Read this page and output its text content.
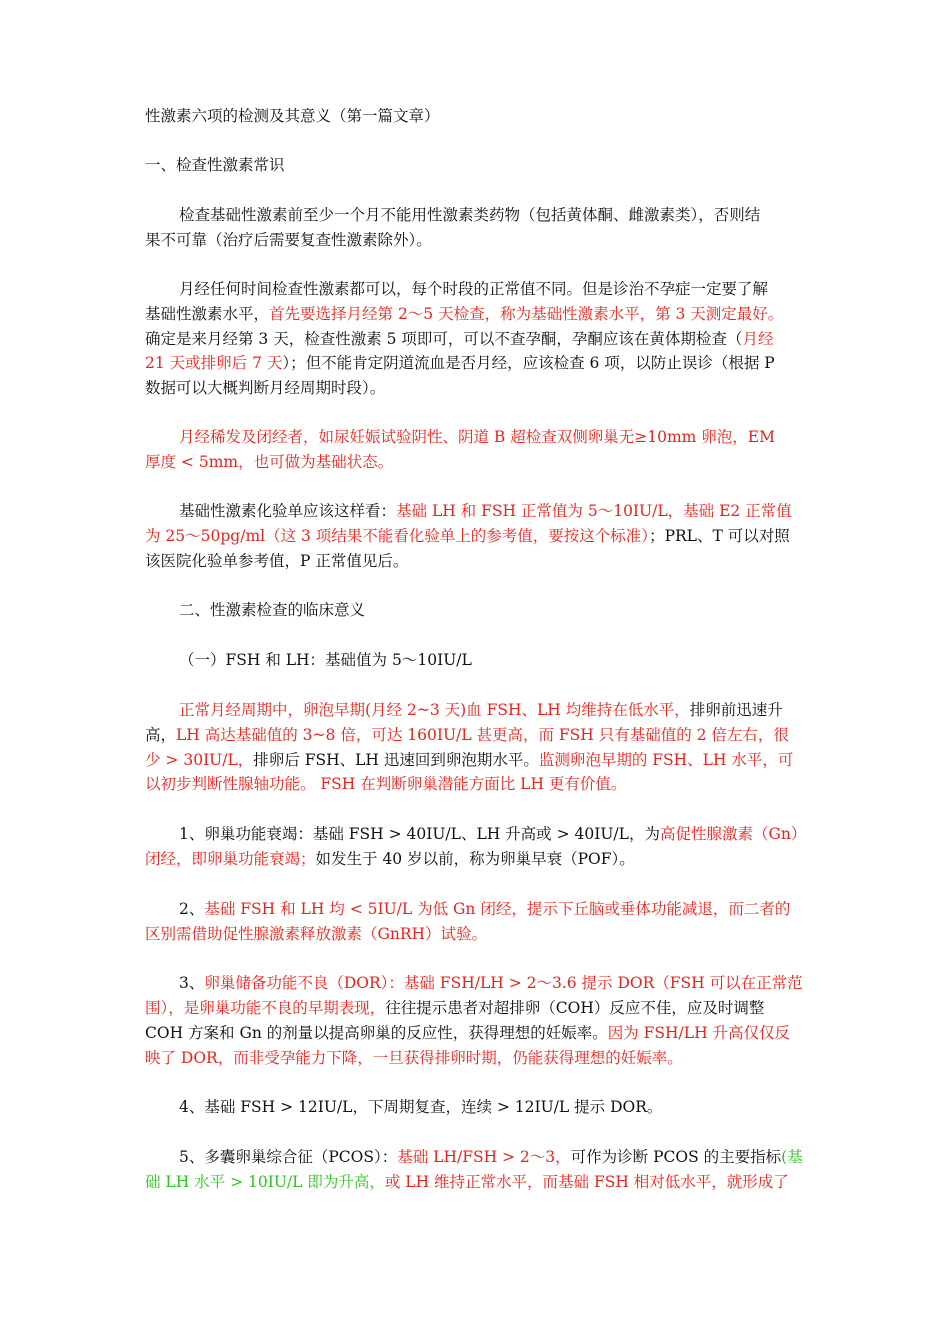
性激素六项的检测及其意义（第一篇文章）
一、检查性激素常识
检查基础性激素前至少一个月不能用性激素类药物（包括黄体酮、雌激素类），否则结
果不可靠（治疗后需要复查性激素除外）。
月经任何时间检查性激素都可以，每个时段的正常值不同。但是诊治不孕症一定要了解
基础性激素水平，首先要选择月经第 2～5 天检查，称为基础性激素水平，第 3 天测定最好。
确定是来月经第 3 天，检查性激素 5 项即可，可以不查孕酮，孕酮应该在黄体期检查（月经
21 天或排卵后 7 天）；但不能肯定阴道流血是否月经，应该检查 6 项，以防止误诊（根据 P
数据可以大概判断月经周期时段）。
月经稀发及闭经者，如尿妊娠试验阴性、阴道 B 超检查双侧卵巢无≥10mm 卵泡，EM
厚度 < 5mm，也可做为基础状态。
基础性激素化验单应该这样看：基础 LH 和 FSH 正常值为 5～10IU/L，基础 E2 正常值
为 25～50pg/ml（这 3 项结果不能看化验单上的参考值，要按这个标准）；PRL、T 可以对照
该医院化验单参考值，P 正常值见后。
二、性激素检查的临床意义
（一）FSH 和 LH：基础值为 5～10IU/L
正常月经周期中，卵泡早期(月经 2~3 天)血 FSH、LH 均维持在低水平，排卵前迅速升
高，LH 高达基础值的 3~8 倍，可达 160IU/L 甚更高，而 FSH 只有基础值的 2 倍左右，很
少 > 30IU/L，排卵后 FSH、LH 迅速回到卵泡期水平。监测卵泡早期的 FSH、LH 水平，可
以初步判断性腺轴功能。 FSH 在判断卵巢潜能方面比 LH 更有价值。
1、卵巢功能衰竭：基础 FSH > 40IU/L、LH 升高或 > 40IU/L，为高促性腺激素（Gn）
闭经，即卵巢功能衰竭；如发生于 40 岁以前，称为卵巢早衰（POF）。
2、基础 FSH 和 LH 均 < 5IU/L 为低 Gn 闭经，提示下丘脑或垂体功能减退，而二者的
区别需借助促性腺激素释放激素（GnRH）试验。
3、卵巢储备功能不良（DOR）：基础 FSH/LH > 2～3.6 提示 DOR（FSH 可以在正常范
围），是卵巢功能不良的早期表现，往往提示患者对超排卵（COH）反应不佳，应及时调整
COH 方案和 Gn 的剂量以提高卵巢的反应性，获得理想的妊娠率。因为 FSH/LH 升高仅仅反
映了 DOR，而非受孕能力下降，一旦获得排卵时期，仍能获得理想的妊娠率。
4、基础 FSH > 12IU/L，下周期复查，连续 > 12IU/L 提示 DOR。
5、多囊卵巢综合征（PCOS）：基础 LH/FSH > 2～3，可作为诊断 PCOS 的主要指标(基
础 LH 水平 > 10IU/L 即为升高，或 LH 维持正常水平，而基础 FSH 相对低水平，就形成了
